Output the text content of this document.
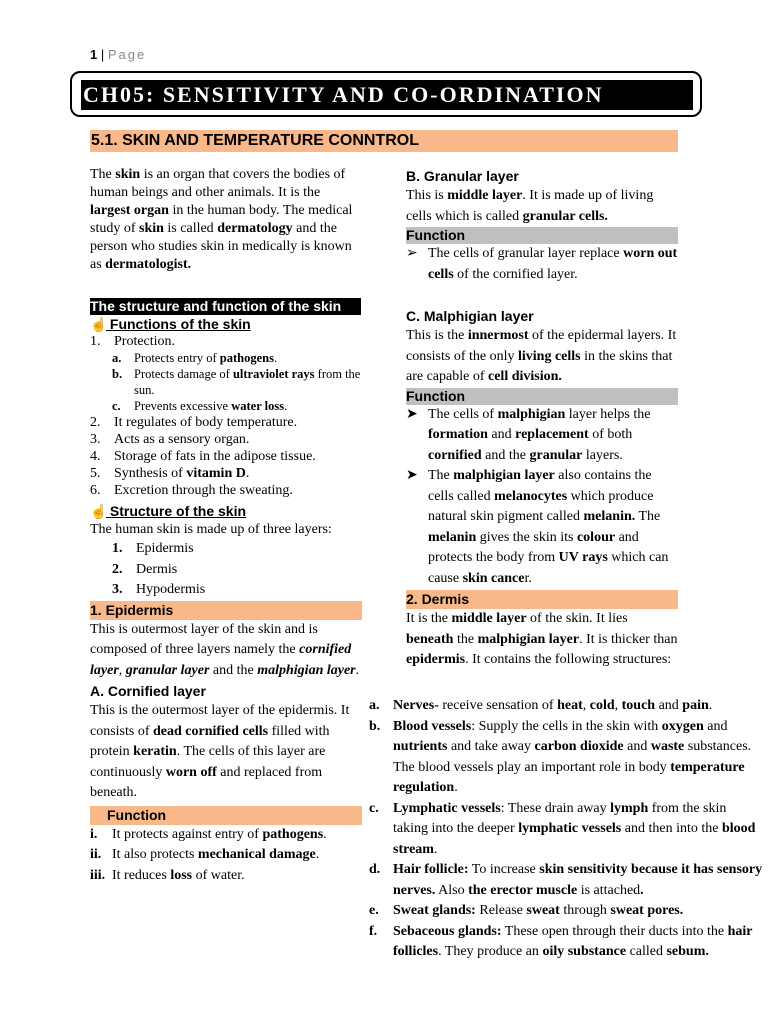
1 | Page
CH05: SENSITIVITY AND CO-ORDINATION
5.1. SKIN AND TEMPERATURE CONNTROL

The skin is an organ that covers the bodies of human beings and other animals. It is the largest organ in the human body. The medical study of skin is called dermatology and the person who studies skin in medically is known as dermatologist.

The structure and function of the skin
☝ Functions of the skin
1. Protection.
a.	Protects entry of pathogens.
b. Protects damage of ultraviolet rays from the sun.
c.	Prevents excessive water loss.
2. It regulates of body temperature.
3. Acts as a sensory organ.
4. Storage of fats in the adipose tissue.
5. Synthesis of vitamin D.
6. Excretion through the sweating.
☝ Structure of the skin

The human skin is made up of three layers:

1. Epidermis
2. Dermis
3. Hypodermis
1. Epidermis

This is outermost layer of the skin and is composed of three layers namely the cornified layer, granular layer and the malphigian layer.

A. Cornified layer

This is the outermost layer of the epidermis. It consists of dead cornified cells filled with protein keratin. The cells of this layer are continuously worn off and replaced from beneath.

Function
i.	It protects against entry of pathogens.
ii. It also protects mechanical damage.
iii. It reduces loss of water.
B. Granular layer

This is middle layer. It is made up of living cells which is called granular cells.

Function
➢ The cells of granular layer replace worn out cells of the cornified layer.
C. Malphigian layer

This is the innermost of the epidermal layers. It consists of the only living cells in the skins that are capable of cell division.

Function
➤ The cells of malphigian layer helps the formation and replacement of both cornified and the granular layers.
➤ The malphigian layer also contains the cells called melanocytes which produce natural skin pigment called melanin. The melanin gives the skin its colour and protects the body from UV rays which can cause skin cancer.
2. Dermis

It is the middle layer of the skin. It lies beneath the malphigian layer. It is thicker than epidermis. It contains the following structures:

a. Nerves- receive sensation of heat, cold, touch and pain.
b. Blood vessels: Supply the cells in the skin with oxygen and nutrients and take away carbon dioxide and waste substances. The blood vessels play an important role in body temperature regulation.
c.	Lymphatic vessels: These drain away lymph from the skin taking into the deeper lymphatic vessels and then into the blood stream.
d. Hair follicle: To increase skin sensitivity because it has sensory nerves. Also the erector muscle is attached.
e.	Sweat glands: Release sweat through sweat pores.
f.	Sebaceous glands: These open through their ducts into the hair follicles. They produce an oily substance called sebum.
